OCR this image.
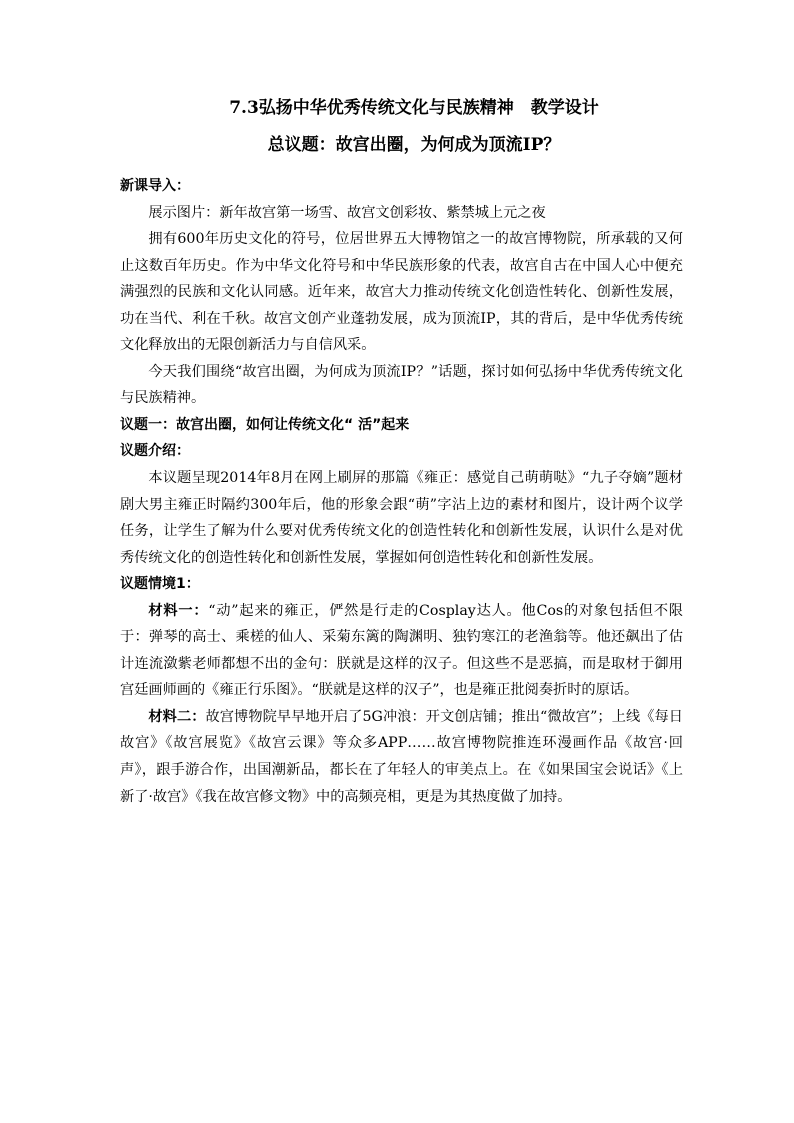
7.3弘扬中华优秀传统文化与民族精神　教学设计
总议题：故宫出圈，为何成为顶流IP？

新课导入：

展示图片：新年故宫第一场雪、故宫文创彩妆、紫禁城上元之夜

拥有600年历史文化的符号，位居世界五大博物馆之一的故宫博物院，所承载的又何止这数百年历史。作为中华文化符号和中华民族形象的代表，故宫自古在中国人心中便充满强烈的民族和文化认同感。近年来，故宫大力推动传统文化创造性转化、创新性发展，功在当代、利在千秋。故宫文创产业蓬勃发展，成为顶流IP，其的背后，是中华优秀传统文化释放出的无限创新活力与自信风采。

今天我们围绕“故宫出圈，为何成为顶流IP？”话题，探讨如何弘扬中华优秀传统文化与民族精神。

议题一：故宫出圈，如何让传统文化“ 活”起来

议题介绍：

本议题呈现2014年8月在网上刷屏的那篇《雍正：感觉自己萌萌哒》“九子夺嫡”题材剧大男主雍正时隔约300年后，他的形象会跟“萌”字沾上边的素材和图片，设计两个议学任务，让学生了解为什么要对优秀传统文化的创造性转化和创新性发展，认识什么是对优秀传统文化的创造性转化和创新性发展，掌握如何创造性转化和创新性发展。

议题情境1：

材料一：“动”起来的雍正，俨然是行走的Cosplay达人。他Cos的对象包括但不限于：弹琴的高士、乘槎的仙人、采菊东篱的陶渊明、独钓寒江的老渔翁等。他还飙出了估计连流潋紫老师都想不出的金句：朕就是这样的汉子。但这些不是恶搞，而是取材于御用宫廷画师画的《雍正行乐图》。“朕就是这样的汉子”，也是雍正批阅奏折时的原话。

材料二：故宫博物院早早地开启了5G冲浪：开文创店铺；推出“微故宫”；上线《每日故宫》《故宫展览》《故宫云课》等众多APP……故宫博物院推连环漫画作品《故宫·回声》，跟手游合作，出国潮新品，都长在了年轻人的审美点上。在《如果国宝会说话》《上新了·故宫》《我在故宫修文物》中的高频亮相，更是为其热度做了加持。
